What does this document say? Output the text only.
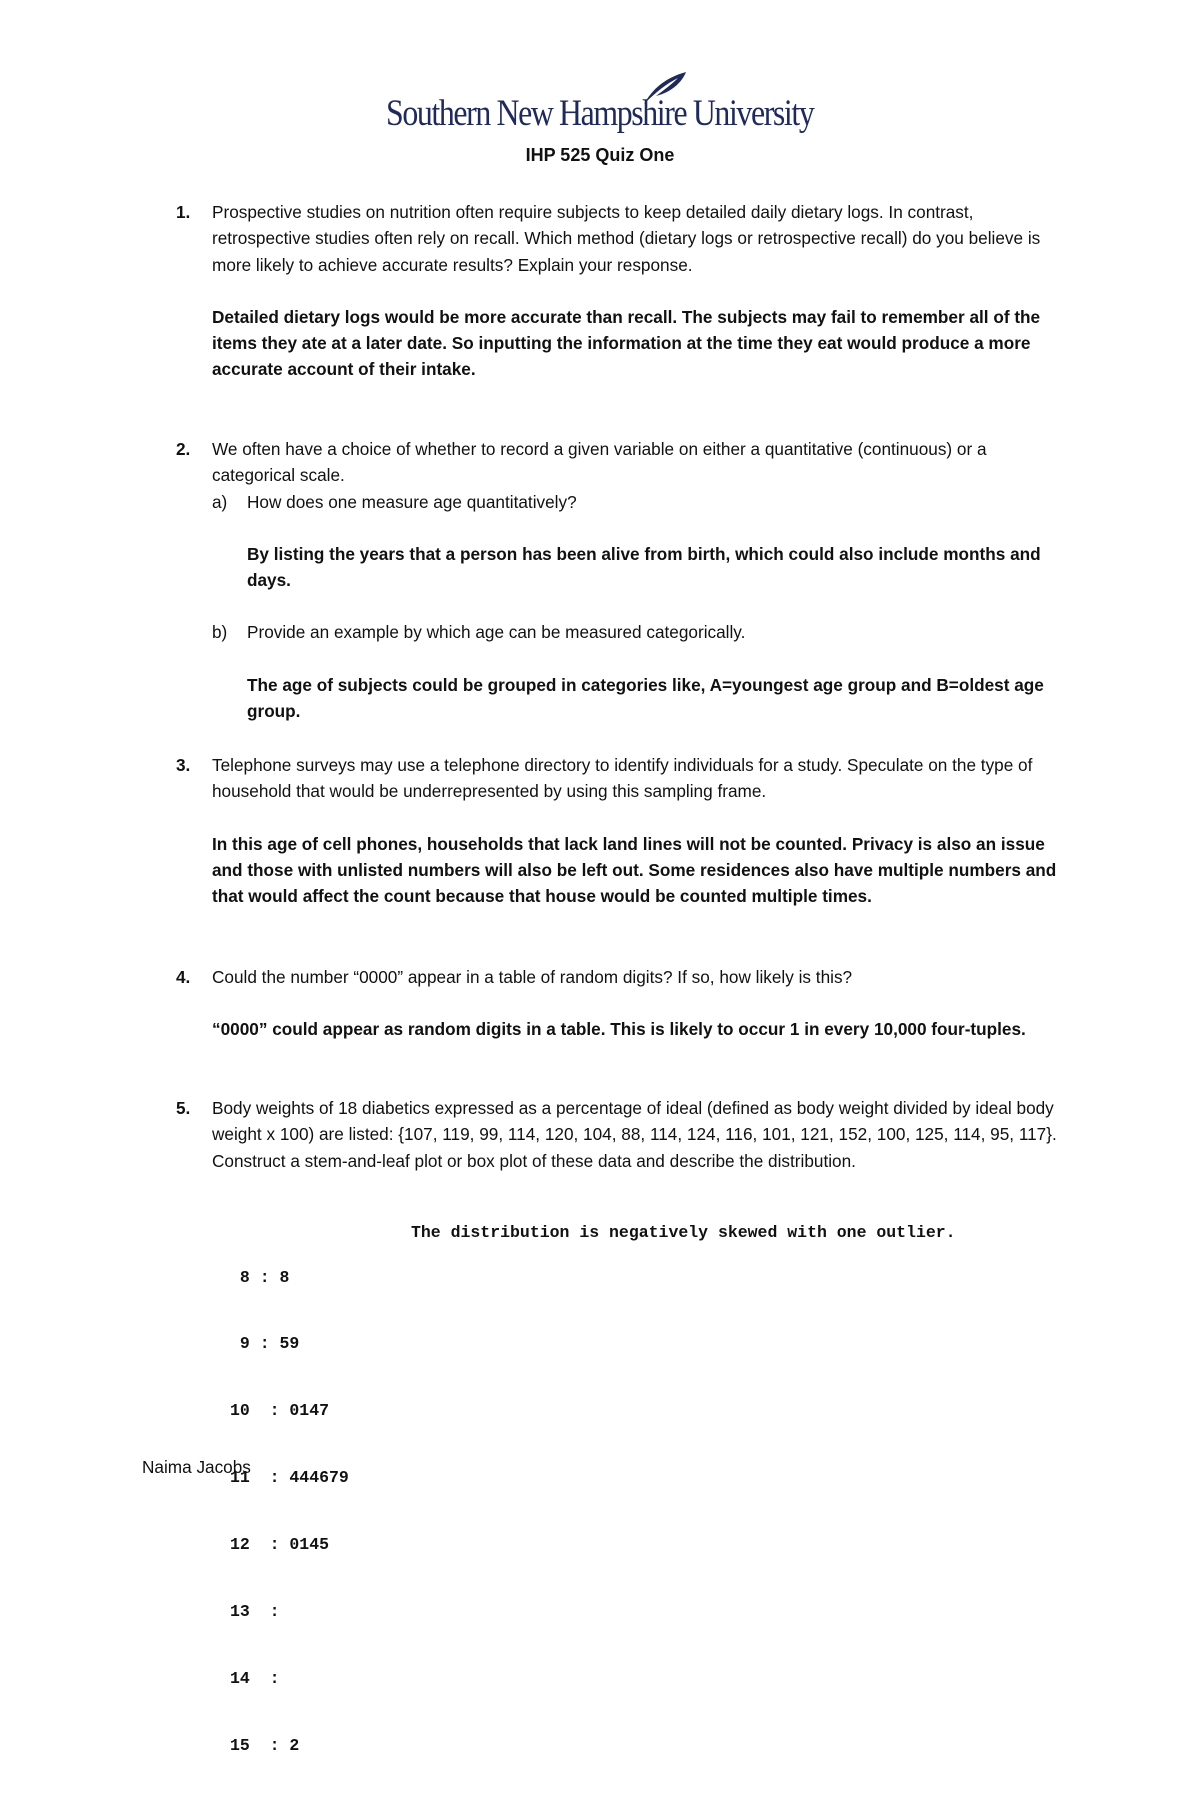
Southern New Hampshire University
IHP 525 Quiz One
1. Prospective studies on nutrition often require subjects to keep detailed daily dietary logs. In contrast, retrospective studies often rely on recall. Which method (dietary logs or retrospective recall) do you believe is more likely to achieve accurate results? Explain your response.
Detailed dietary logs would be more accurate than recall. The subjects may fail to remember all of the items they ate at a later date. So inputting the information at the time they eat would produce a more accurate account of their intake.
2. We often have a choice of whether to record a given variable on either a quantitative (continuous) or a categorical scale.
a) How does one measure age quantitatively?
By listing the years that a person has been alive from birth, which could also include months and days.
b) Provide an example by which age can be measured categorically.
The age of subjects could be grouped in categories like, A=youngest age group and B=oldest age group.
3. Telephone surveys may use a telephone directory to identify individuals for a study. Speculate on the type of household that would be underrepresented by using this sampling frame.
In this age of cell phones, households that lack land lines will not be counted. Privacy is also an issue and those with unlisted numbers will also be left out. Some residences also have multiple numbers and that would affect the count because that house would be counted multiple times.
4. Could the number “0000” appear in a table of random digits? If so, how likely is this?
“0000” could appear as random digits in a table. This is likely to occur 1 in every 10,000 four-tuples.
5. Body weights of 18 diabetics expressed as a percentage of ideal (defined as body weight divided by ideal body weight x 100) are listed: {107, 119, 99, 114, 120, 104, 88, 114, 124, 116, 101, 121, 152, 100, 125, 114, 95, 117}. Construct a stem-and-leaf plot or box plot of these data and describe the distribution.

8 : 8

9 : 59

10  : 0147

11  : 444679

12  : 0145

13  :

14  :

15  : 2

The distribution is negatively skewed with one outlier.
Naima Jacobs
